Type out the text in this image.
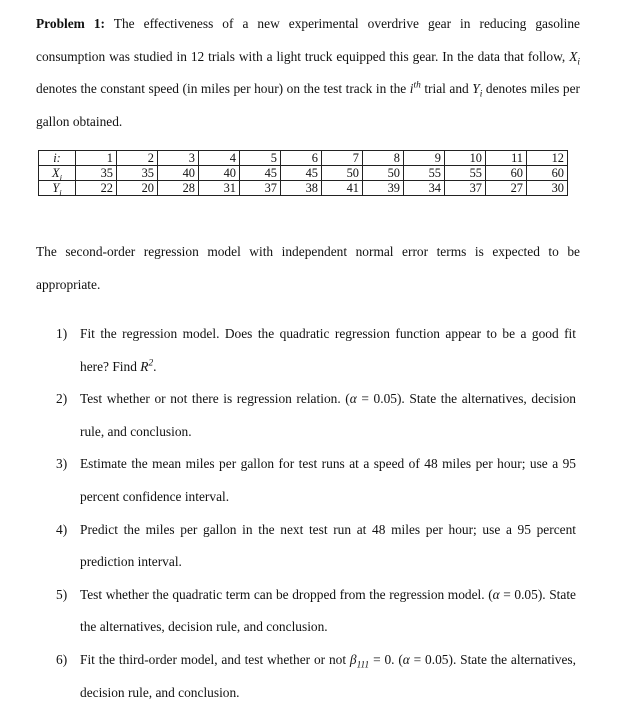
Problem 1: The effectiveness of a new experimental overdrive gear in reducing gasoline consumption was studied in 12 trials with a light truck equipped this gear. In the data that follow, $X_i$ denotes the constant speed (in miles per hour) on the test track in the $i^{th}$ trial and $Y_i$ denotes miles per gallon obtained.

i:	1	2	3	4	5	6	7	8	9	10	11	12
$X_i$	35	35	40	40	45	45	50	50	55	55	60	60
$Y_i$	22	20	28	31	37	38	41	39	34	37	27	30

The second-order regression model with independent normal error terms is expected to be appropriate.

1) Fit the regression model. Does the quadratic regression function appear to be a good fit here? Find $R^2$.
2) Test whether or not there is regression relation. (α = 0.05). State the alternatives, decision rule, and conclusion.
3) Estimate the mean miles per gallon for test runs at a speed of 48 miles per hour; use a 95 percent confidence interval.
4) Predict the miles per gallon in the next test run at 48 miles per hour; use a 95 percent prediction interval.
5) Test whether the quadratic term can be dropped from the regression model. (α = 0.05). State the alternatives, decision rule, and conclusion.
6) Fit the third-order model, and test whether or not $\beta_{111} = 0$. (α = 0.05). State the alternatives, decision rule, and conclusion.
